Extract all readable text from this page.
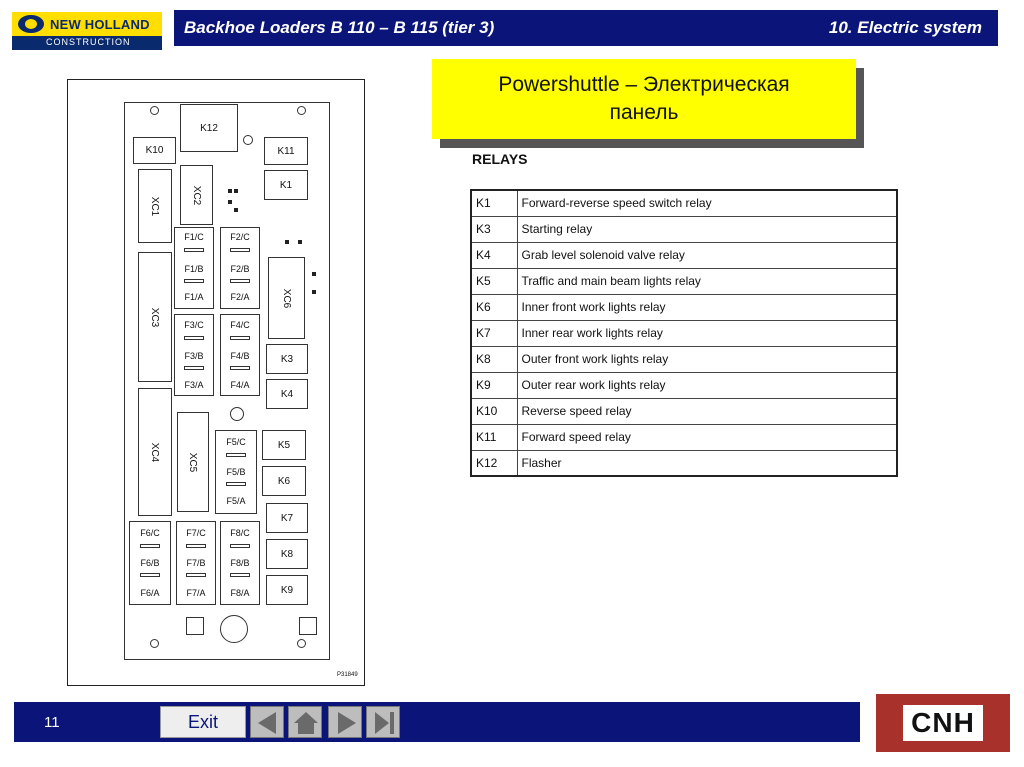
NEW HOLLAND
CONSTRUCTION
Backhoe Loaders B 110 – B 115 (tier 3)	10. Electric system
K12
K10	K11
K1
XC1
XC2
F1/C
F1/B
F1/A
F2/C
F2/B
F2/A
XC3
XC6
F3/C
F3/B
F3/A
F4/C
F4/B
F4/A
K3
K4
XC4
XC5
F5/C
F5/B
F5/A
K5
K6
K7
K8
K9
F6/C
F6/B
F6/A
F7/C
F7/B
F7/A
F8/C
F8/B
F8/A
P31849
Powershuttle – Электрическая
панель
RELAYS
K1	Forward-reverse speed switch relay
K3	Starting relay
K4	Grab level solenoid valve relay
K5	Traffic and main beam lights relay
K6	Inner front work lights relay
K7	Inner rear work lights relay
K8	Outer front work lights relay
K9	Outer rear work lights relay
K10	Reverse speed relay
K11	Forward speed relay
K12	Flasher
11	Exit	CNH
